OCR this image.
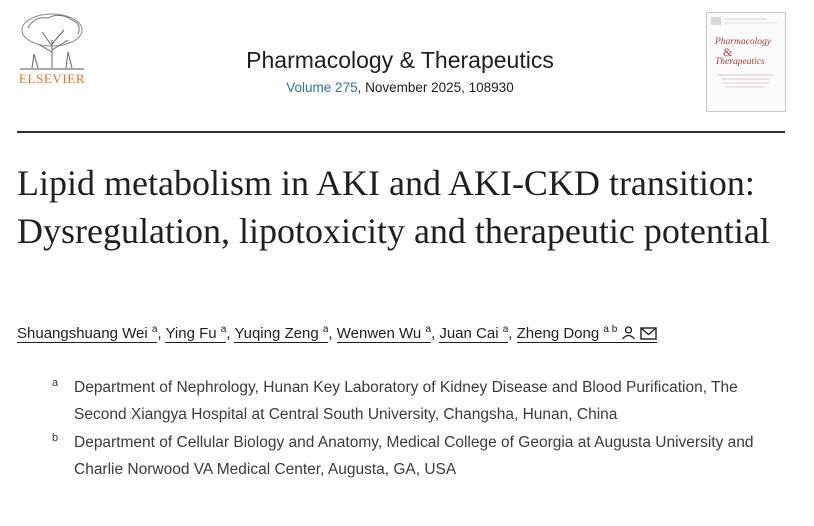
ELSEVIER
Pharmacology & Therapeutics
Volume 275, November 2025, 108930
Pharmacology
&
Therapeutics
Lipid metabolism in AKI and AKI-CKD transition: Dysregulation, lipotoxicity and therapeutic potential
Shuangshuang Wei $^a$, Ying Fu $^a$, Yuqing Zeng $^a$, Wenwen Wu $^a$, Juan Cai $^a$, Zheng Dong $^{a b}$
a Department of Nephrology, Hunan Key Laboratory of Kidney Disease and Blood Purification, The Second Xiangya Hospital at Central South University, Changsha, Hunan, China
b Department of Cellular Biology and Anatomy, Medical College of Georgia at Augusta University and Charlie Norwood VA Medical Center, Augusta, GA, USA
